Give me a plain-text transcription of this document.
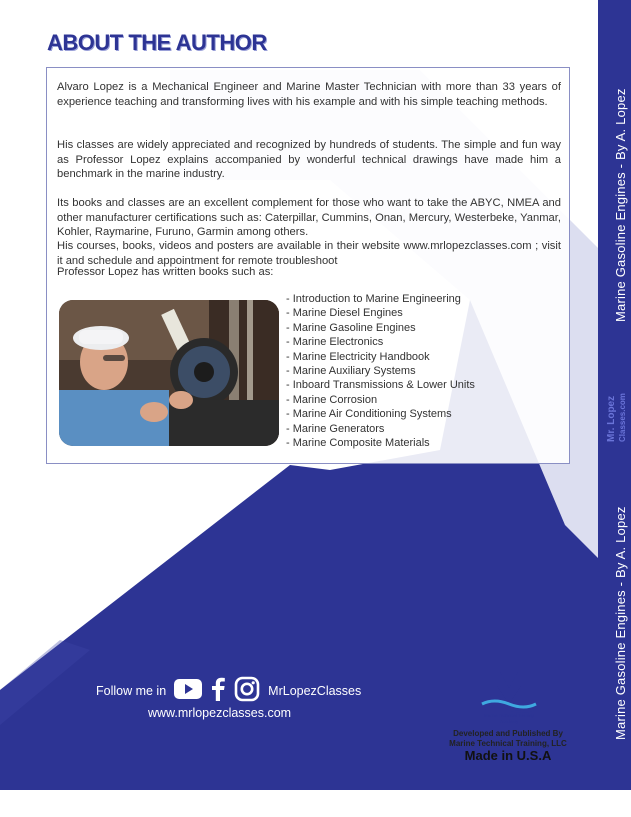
Marine Gasoline Engines - By A. Lopez
Mr. Lopez Classes.com
Marine Gasoline Engines - By A. Lopez
ABOUT THE AUTHOR

Alvaro Lopez is a Mechanical Engineer and Marine Master Technician with more than 33 years of experience teaching and transforming lives with his example and with his simple teaching methods.

His classes are widely appreciated and recognized by hundreds of students. The simple and fun way as Professor Lopez explains accompanied by wonderful technical drawings have made him a benchmark in the marine industry.

Its books and classes are an excellent complement for those who want to take the ABYC, NMEA and other manufacturer certifications such as: Caterpillar, Cummins, Onan, Mercury, Westerbeke, Yanmar, Kohler, Raymarine, Furuno, Garmin among others.

His courses, books, videos and posters are available in their website www.mrlopezclasses.com ; visit it and schedule and appointment for remote troubleshoot

Professor Lopez has written books such as:

- Introduction to Marine Engineering
- Marine Diesel Engines
- Marine Gasoline Engines
- Marine Electronics
- Marine Electricity Handbook
- Marine Auxiliary Systems
- Inboard Transmissions & Lower Units
- Marine Corrosion
- Marine Air Conditioning Systems
- Marine Generators
- Marine Composite Materials
Follow me in	MrLopezClasses
www.mrlopezclasses.com	Marine Technical Training
Academy
Developed and Published By
Marine Technical Training, LLC
Made in U.S.A
